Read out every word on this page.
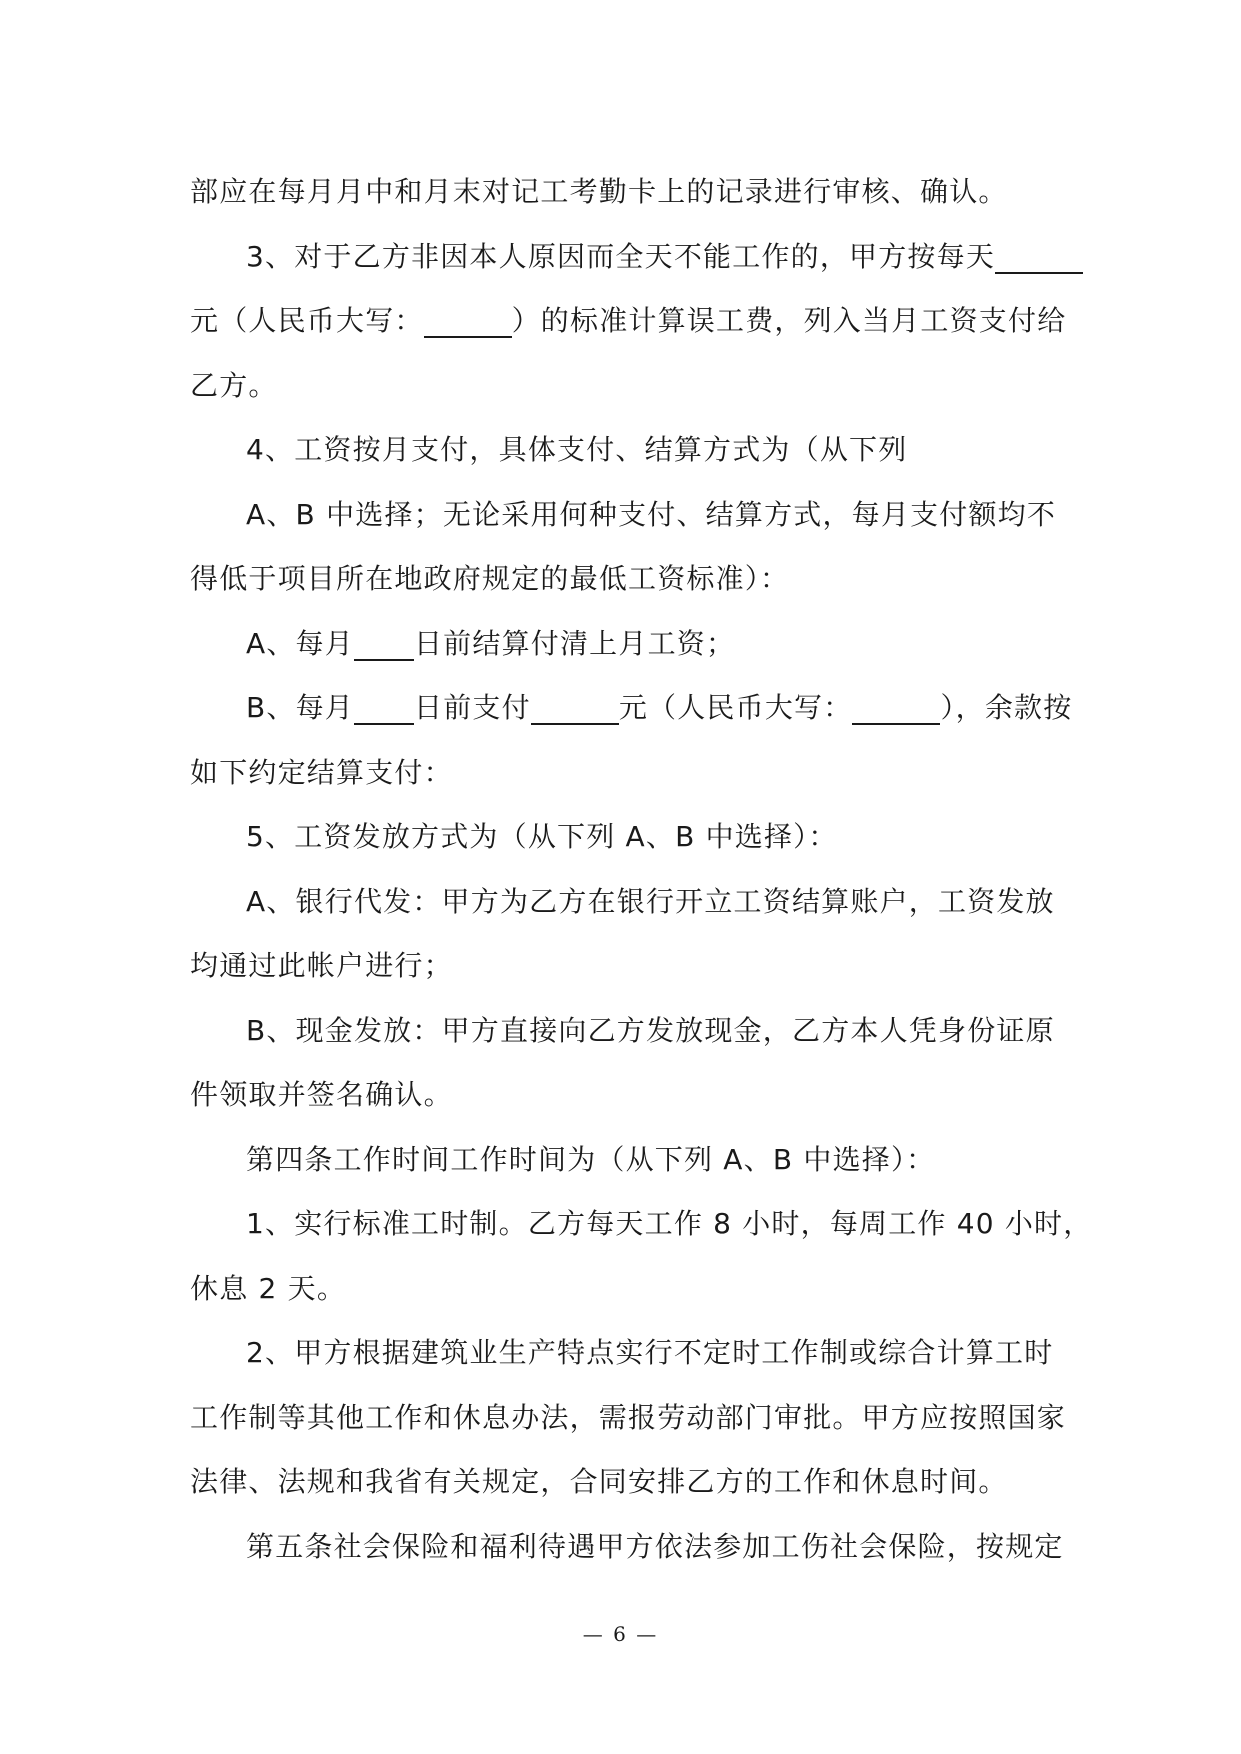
部应在每月月中和月末对记工考勤卡上的记录进行审核、确认。
3、对于乙方非因本人原因而全天不能工作的，甲方按每天
元（人民币大写：	）的标准计算误工费，列入当月工资支付给
乙方。
4、工资按月支付，具体支付、结算方式为（从下列
A、B 中选择；无论采用何种支付、结算方式，每月支付额均不
得低于项目所在地政府规定的最低工资标准）：
A、每月 日前结算付清上月工资；
B、每月 日前支付	元（人民币大写：	），余款按
如下约定结算支付：
5、工资发放方式为（从下列 A、B 中选择）：
A、银行代发：甲方为乙方在银行开立工资结算账户，工资发放
均通过此帐户进行；
B、现金发放：甲方直接向乙方发放现金，乙方本人凭身份证原
件领取并签名确认。
第四条工作时间工作时间为（从下列 A、B 中选择）：
1、实行标准工时制。乙方每天工作 8 小时，每周工作 40 小时，
休息 2 天。
2、甲方根据建筑业生产特点实行不定时工作制或综合计算工时
工作制等其他工作和休息办法，需报劳动部门审批。甲方应按照国家
法律、法规和我省有关规定，合同安排乙方的工作和休息时间。
第五条社会保险和福利待遇甲方依法参加工伤社会保险，按规定
— 6 —
